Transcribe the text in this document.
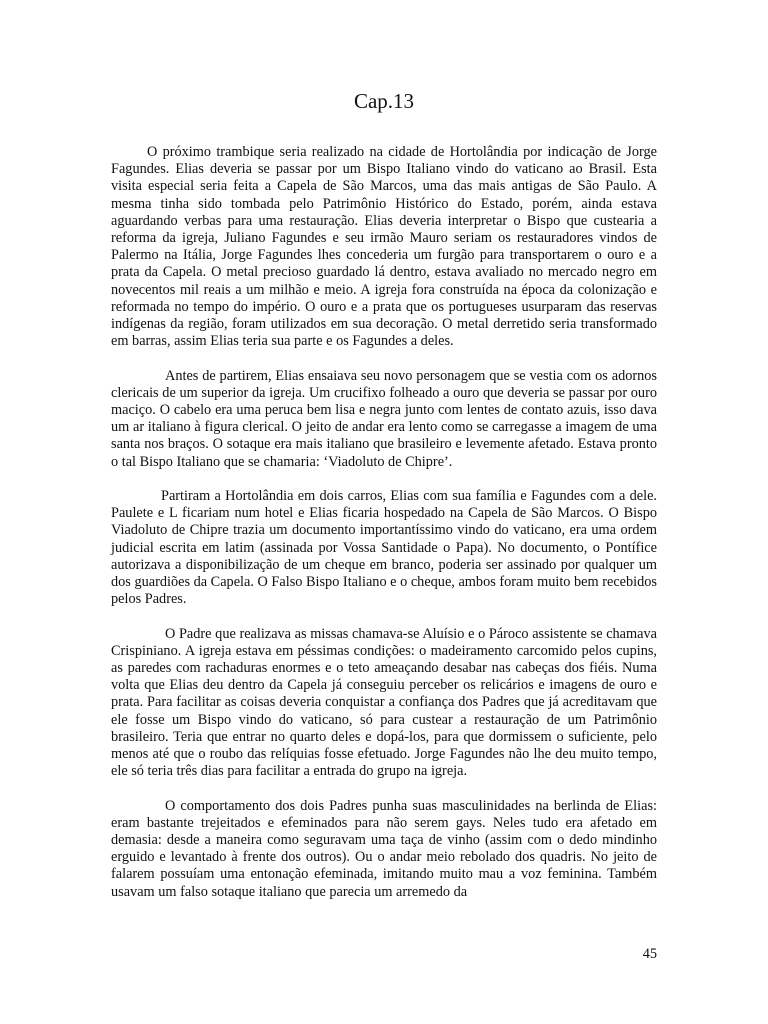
Cap.13

O próximo trambique seria realizado na cidade de Hortolândia por indicação de Jorge Fagundes. Elias deveria se passar por um Bispo Italiano vindo do vaticano ao Brasil. Esta visita especial seria feita a Capela de São Marcos, uma das mais antigas de São Paulo. A mesma tinha sido tombada pelo Patrimônio Histórico do Estado, porém, ainda estava aguardando verbas para uma restauração. Elias deveria interpretar o Bispo que custearia a reforma da igreja, Juliano Fagundes e seu irmão Mauro seriam os restauradores vindos de Palermo na Itália, Jorge Fagundes lhes concederia um furgão para transportarem o ouro e a prata da Capela. O metal precioso guardado lá dentro, estava avaliado no mercado negro em novecentos mil reais a um milhão e meio. A igreja fora construída na época da colonização e reformada no tempo do império. O ouro e a prata que os portugueses usurparam das reservas indígenas da região, foram utilizados em sua decoração. O metal derretido seria transformado em barras, assim Elias teria sua parte e os Fagundes a deles.

Antes de partirem, Elias ensaiava seu novo personagem que se vestia com os adornos clericais de um superior da igreja. Um crucifixo folheado a ouro que deveria se passar por ouro maciço. O cabelo era uma peruca bem lisa e negra junto com lentes de contato azuis, isso dava um ar italiano à figura clerical. O jeito de andar era lento como se carregasse a imagem de uma santa nos braços. O sotaque era mais italiano que brasileiro e levemente afetado. Estava pronto o tal Bispo Italiano que se chamaria: ‘Viadoluto de Chipre’.

Partiram a Hortolândia em dois carros, Elias com sua família e Fagundes com a dele. Paulete e L ficariam num hotel e Elias ficaria hospedado na Capela de São Marcos. O Bispo Viadoluto de Chipre trazia um documento importantíssimo vindo do vaticano, era uma ordem judicial escrita em latim (assinada por Vossa Santidade o Papa). No documento, o Pontífice autorizava a disponibilização de um cheque em branco, poderia ser assinado por qualquer um dos guardiões da Capela. O Falso Bispo Italiano e o cheque, ambos foram muito bem recebidos pelos Padres.

O Padre que realizava as missas chamava-se Aluísio e o Pároco assistente se chamava Crispiniano. A igreja estava em péssimas condições: o madeiramento carcomido pelos cupins, as paredes com rachaduras enormes e o teto ameaçando desabar nas cabeças dos fiéis. Numa volta que Elias deu dentro da Capela já conseguiu perceber os relicários e imagens de ouro e prata. Para facilitar as coisas deveria conquistar a confiança dos Padres que já acreditavam que ele fosse um Bispo vindo do vaticano, só para custear a restauração de um Patrimônio brasileiro. Teria que entrar no quarto deles e dopá-los, para que dormissem o suficiente, pelo menos até que o roubo das relíquias fosse efetuado. Jorge Fagundes não lhe deu muito tempo, ele só teria três dias para facilitar a entrada do grupo na igreja.

O comportamento dos dois Padres punha suas masculinidades na berlinda de Elias: eram bastante trejeitados e efeminados para não serem gays. Neles tudo era afetado em demasia: desde a maneira como seguravam uma taça de vinho (assim com o dedo mindinho erguido e levantado à frente dos outros). Ou o andar meio rebolado dos quadris. No jeito de falarem possuíam uma entonação efeminada, imitando muito mau a voz feminina. Também usavam um falso sotaque italiano que parecia um arremedo da

45
